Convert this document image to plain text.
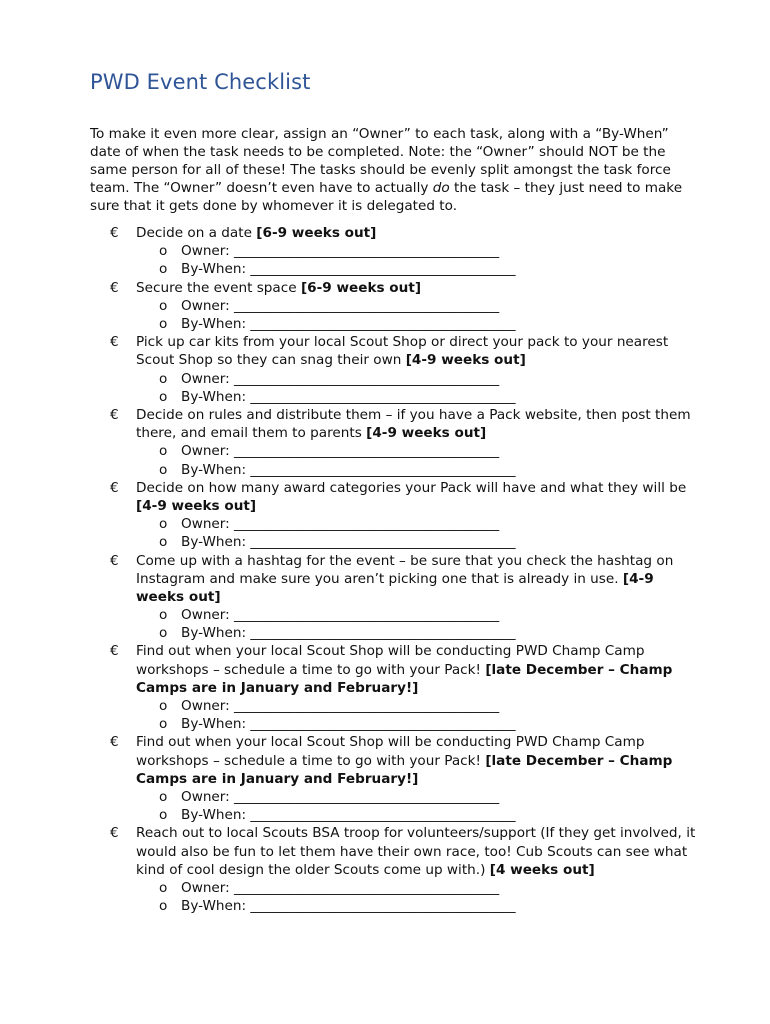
PWD Event Checklist

To make it even more clear, assign an “Owner” to each task, along with a “By-When” date of when the task needs to be completed. Note: the “Owner” should NOT be the same person for all of these! The tasks should be evenly split amongst the task force team. The “Owner” doesn’t even have to actually do the task – they just need to make sure that it gets done by whomever it is delegated to.

€ Decide on a date [6-9 weeks out]
o Owner: _______________________________________
o By-When: _______________________________________
€ Secure the event space [6-9 weeks out]
o Owner: _______________________________________
o By-When: _______________________________________
€ Pick up car kits from your local Scout Shop or direct your pack to your nearest Scout Shop so they can snag their own [4-9 weeks out]
o Owner: _______________________________________
o By-When: _______________________________________
€ Decide on rules and distribute them – if you have a Pack website, then post them there, and email them to parents [4-9 weeks out]
o Owner: _______________________________________
o By-When: _______________________________________
€ Decide on how many award categories your Pack will have and what they will be [4-9 weeks out]
o Owner: _______________________________________
o By-When: _______________________________________
€ Come up with a hashtag for the event – be sure that you check the hashtag on Instagram and make sure you aren’t picking one that is already in use. [4-9 weeks out]
o Owner: _______________________________________
o By-When: _______________________________________
€ Find out when your local Scout Shop will be conducting PWD Champ Camp workshops – schedule a time to go with your Pack! [late December – Champ Camps are in January and February!]
o Owner: _______________________________________
o By-When: _______________________________________
€ Find out when your local Scout Shop will be conducting PWD Champ Camp workshops – schedule a time to go with your Pack! [late December – Champ Camps are in January and February!]
o Owner: _______________________________________
o By-When: _______________________________________
€ Reach out to local Scouts BSA troop for volunteers/support (If they get involved, it would also be fun to let them have their own race, too! Cub Scouts can see what kind of cool design the older Scouts come up with.) [4 weeks out]
o Owner: _______________________________________
o By-When: _______________________________________
